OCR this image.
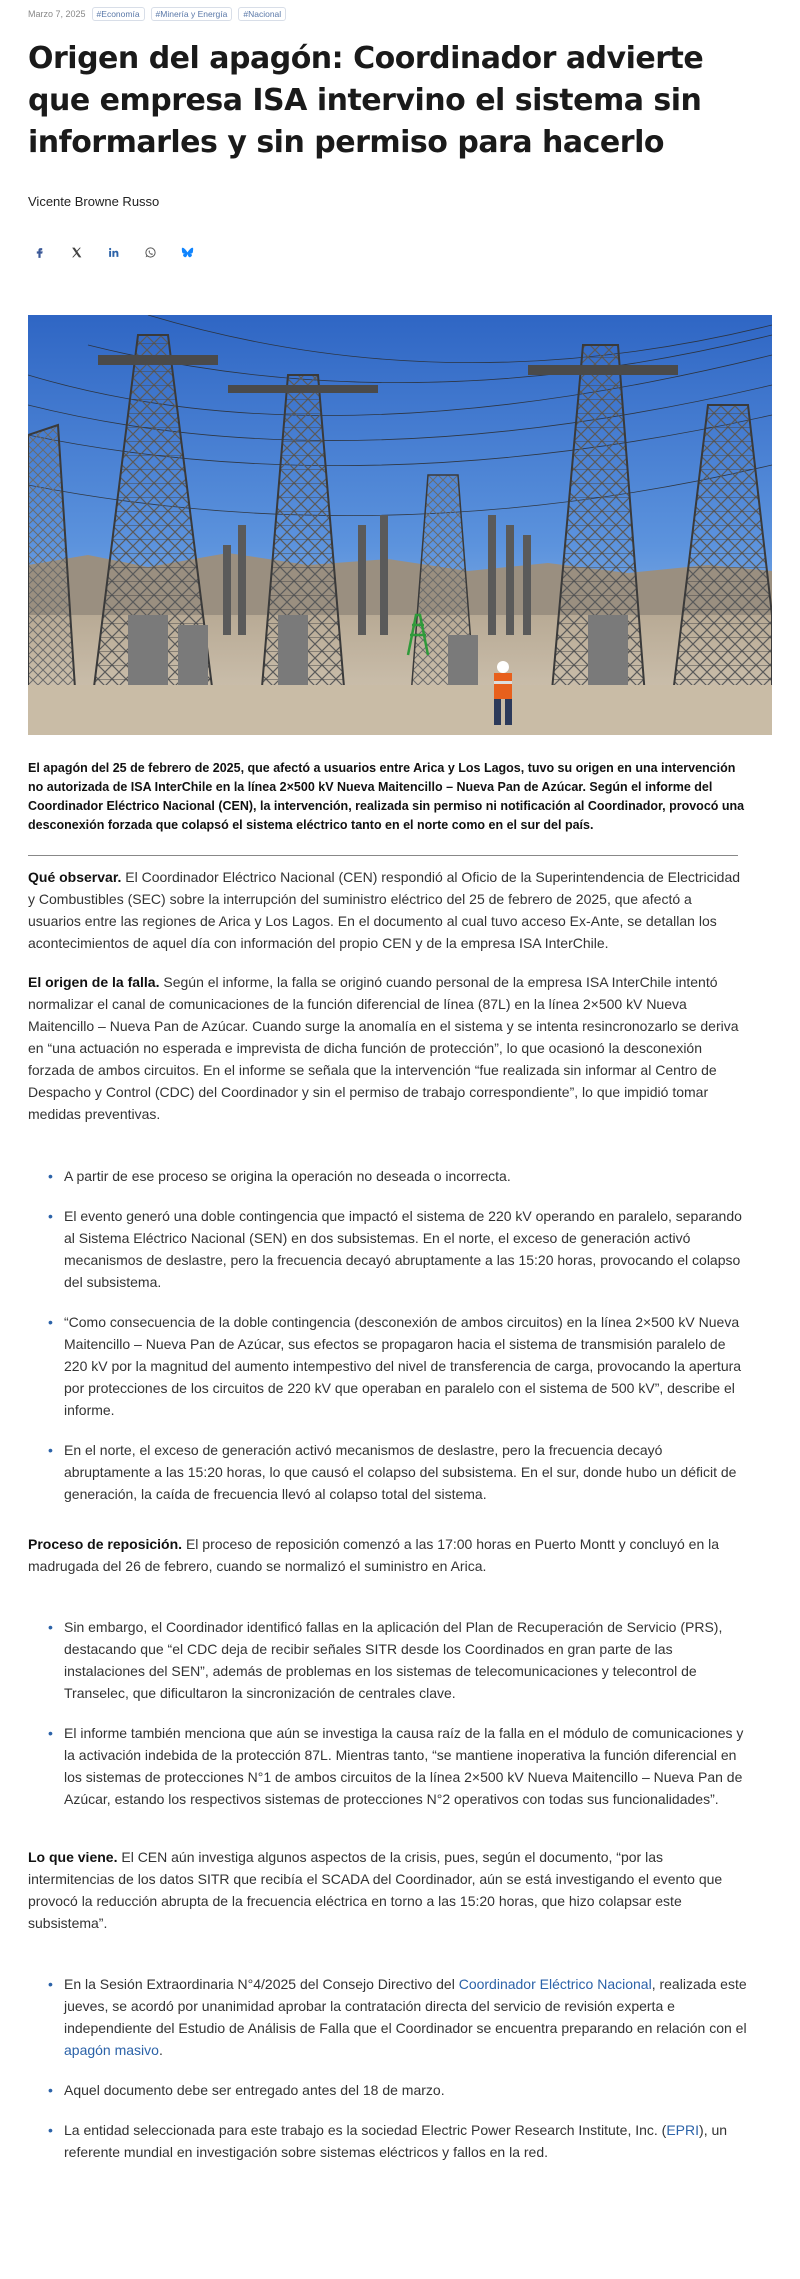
Marzo 7, 2025	#Economía	#Minería y Energía	#Nacional
Origen del apagón: Coordinador advierte que empresa ISA intervino el sistema sin informarles y sin permiso para hacerlo
Vicente Browne Russo

El apagón del 25 de febrero de 2025, que afectó a usuarios entre Arica y Los Lagos, tuvo su origen en una intervención no autorizada de ISA InterChile en la línea 2×500 kV Nueva Maitencillo – Nueva Pan de Azúcar. Según el informe del Coordinador Eléctrico Nacional (CEN), la intervención, realizada sin permiso ni notificación al Coordinador, provocó una desconexión forzada que colapsó el sistema eléctrico tanto en el norte como en el sur del país.

Qué observar. El Coordinador Eléctrico Nacional (CEN) respondió al Oficio de la Superintendencia de Electricidad y Combustibles (SEC) sobre la interrupción del suministro eléctrico del 25 de febrero de 2025, que afectó a usuarios entre las regiones de Arica y Los Lagos. En el documento al cual tuvo acceso Ex-Ante, se detallan los acontecimientos de aquel día con información del propio CEN y de la empresa ISA InterChile.

El origen de la falla. Según el informe, la falla se originó cuando personal de la empresa ISA InterChile intentó normalizar el canal de comunicaciones de la función diferencial de línea (87L) en la línea 2×500 kV Nueva Maitencillo – Nueva Pan de Azúcar. Cuando surge la anomalía en el sistema y se intenta resincronozarlo se deriva en “una actuación no esperada e imprevista de dicha función de protección”, lo que ocasionó la desconexión forzada de ambos circuitos. En el informe se señala que la intervención “fue realizada sin informar al Centro de Despacho y Control (CDC) del Coordinador y sin el permiso de trabajo correspondiente”, lo que impidió tomar medidas preventivas.

• A partir de ese proceso se origina la operación no deseada o incorrecta.
• El evento generó una doble contingencia que impactó el sistema de 220 kV operando en paralelo, separando al Sistema Eléctrico Nacional (SEN) en dos subsistemas. En el norte, el exceso de generación activó mecanismos de deslastre, pero la frecuencia decayó abruptamente a las 15:20 horas, provocando el colapso del subsistema.
• “Como consecuencia de la doble contingencia (desconexión de ambos circuitos) en la línea 2×500 kV Nueva Maitencillo – Nueva Pan de Azúcar, sus efectos se propagaron hacia el sistema de transmisión paralelo de 220 kV por la magnitud del aumento intempestivo del nivel de transferencia de carga, provocando la apertura por protecciones de los circuitos de 220 kV que operaban en paralelo con el sistema de 500 kV”, describe el informe.
• En el norte, el exceso de generación activó mecanismos de deslastre, pero la frecuencia decayó abruptamente a las 15:20 horas, lo que causó el colapso del subsistema. En el sur, donde hubo un déficit de generación, la caída de frecuencia llevó al colapso total del sistema.

Proceso de reposición. El proceso de reposición comenzó a las 17:00 horas en Puerto Montt y concluyó en la madrugada del 26 de febrero, cuando se normalizó el suministro en Arica.

• Sin embargo, el Coordinador identificó fallas en la aplicación del Plan de Recuperación de Servicio (PRS), destacando que “el CDC deja de recibir señales SITR desde los Coordinados en gran parte de las instalaciones del SEN”, además de problemas en los sistemas de telecomunicaciones y telecontrol de Transelec, que dificultaron la sincronización de centrales clave.
• El informe también menciona que aún se investiga la causa raíz de la falla en el módulo de comunicaciones y la activación indebida de la protección 87L. Mientras tanto, “se mantiene inoperativa la función diferencial en los sistemas de protecciones N°1 de ambos circuitos de la línea 2×500 kV Nueva Maitencillo – Nueva Pan de Azúcar, estando los respectivos sistemas de protecciones N°2 operativos con todas sus funcionalidades”.

Lo que viene. El CEN aún investiga algunos aspectos de la crisis, pues, según el documento, “por las intermitencias de los datos SITR que recibía el SCADA del Coordinador, aún se está investigando el evento que provocó la reducción abrupta de la frecuencia eléctrica en torno a las 15:20 horas, que hizo colapsar este subsistema”.

• En la Sesión Extraordinaria N°4/2025 del Consejo Directivo del Coordinador Eléctrico Nacional, realizada este jueves, se acordó por unanimidad aprobar la contratación directa del servicio de revisión experta e independiente del Estudio de Análisis de Falla que el Coordinador se encuentra preparando en relación con el apagón masivo.
• Aquel documento debe ser entregado antes del 18 de marzo.
• La entidad seleccionada para este trabajo es la sociedad Electric Power Research Institute, Inc. (EPRI), un referente mundial en investigación sobre sistemas eléctricos y fallos en la red.
